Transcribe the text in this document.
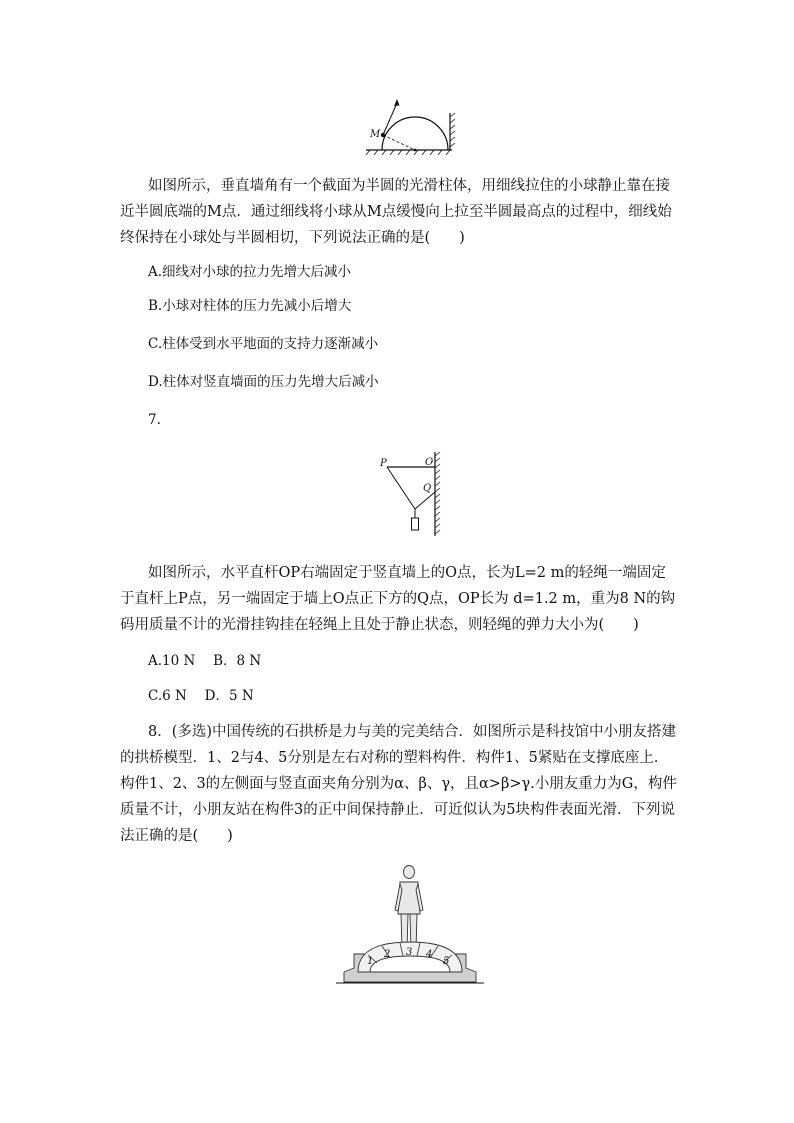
M
如图所示，垂直墙角有一个截面为半圆的光滑柱体，用细线拉住的小球静止靠在接近半圆底端的M点．通过细线将小球从M点缓慢向上拉至半圆最高点的过程中，细线始终保持在小球处与半圆相切，下列说法正确的是(　　)
A.细线对小球的拉力先增大后减小
B.小球对柱体的压力先减小后增大
C.柱体受到水平地面的支持力逐渐减小
D.柱体对竖直墙面的压力先增大后减小
7.
P	O
Q
如图所示，水平直杆OP右端固定于竖直墙上的O点，长为L=2 m的轻绳一端固定于直杆上P点，另一端固定于墙上O点正下方的Q点，OP长为 d=1.2 m，重为8 N的钩码用质量不计的光滑挂钩挂在轻绳上且处于静止状态，则轻绳的弹力大小为(　　)
A.10 N　 B．8 N
C.6 N　 D．5 N
8．(多选)中国传统的石拱桥是力与美的完美结合．如图所示是科技馆中小朋友搭建的拱桥模型．1、2与4、5分别是左右对称的塑料构件．构件1、5紧贴在支撑底座上．构件1、2、3的左侧面与竖直面夹角分别为α、β、γ，且α>β>γ.小朋友重力为G，构件质量不计，小朋友站在构件3的正中间保持静止．可近似认为5块构件表面光滑．下列说法正确的是(　　)
1
2 3 4
5
